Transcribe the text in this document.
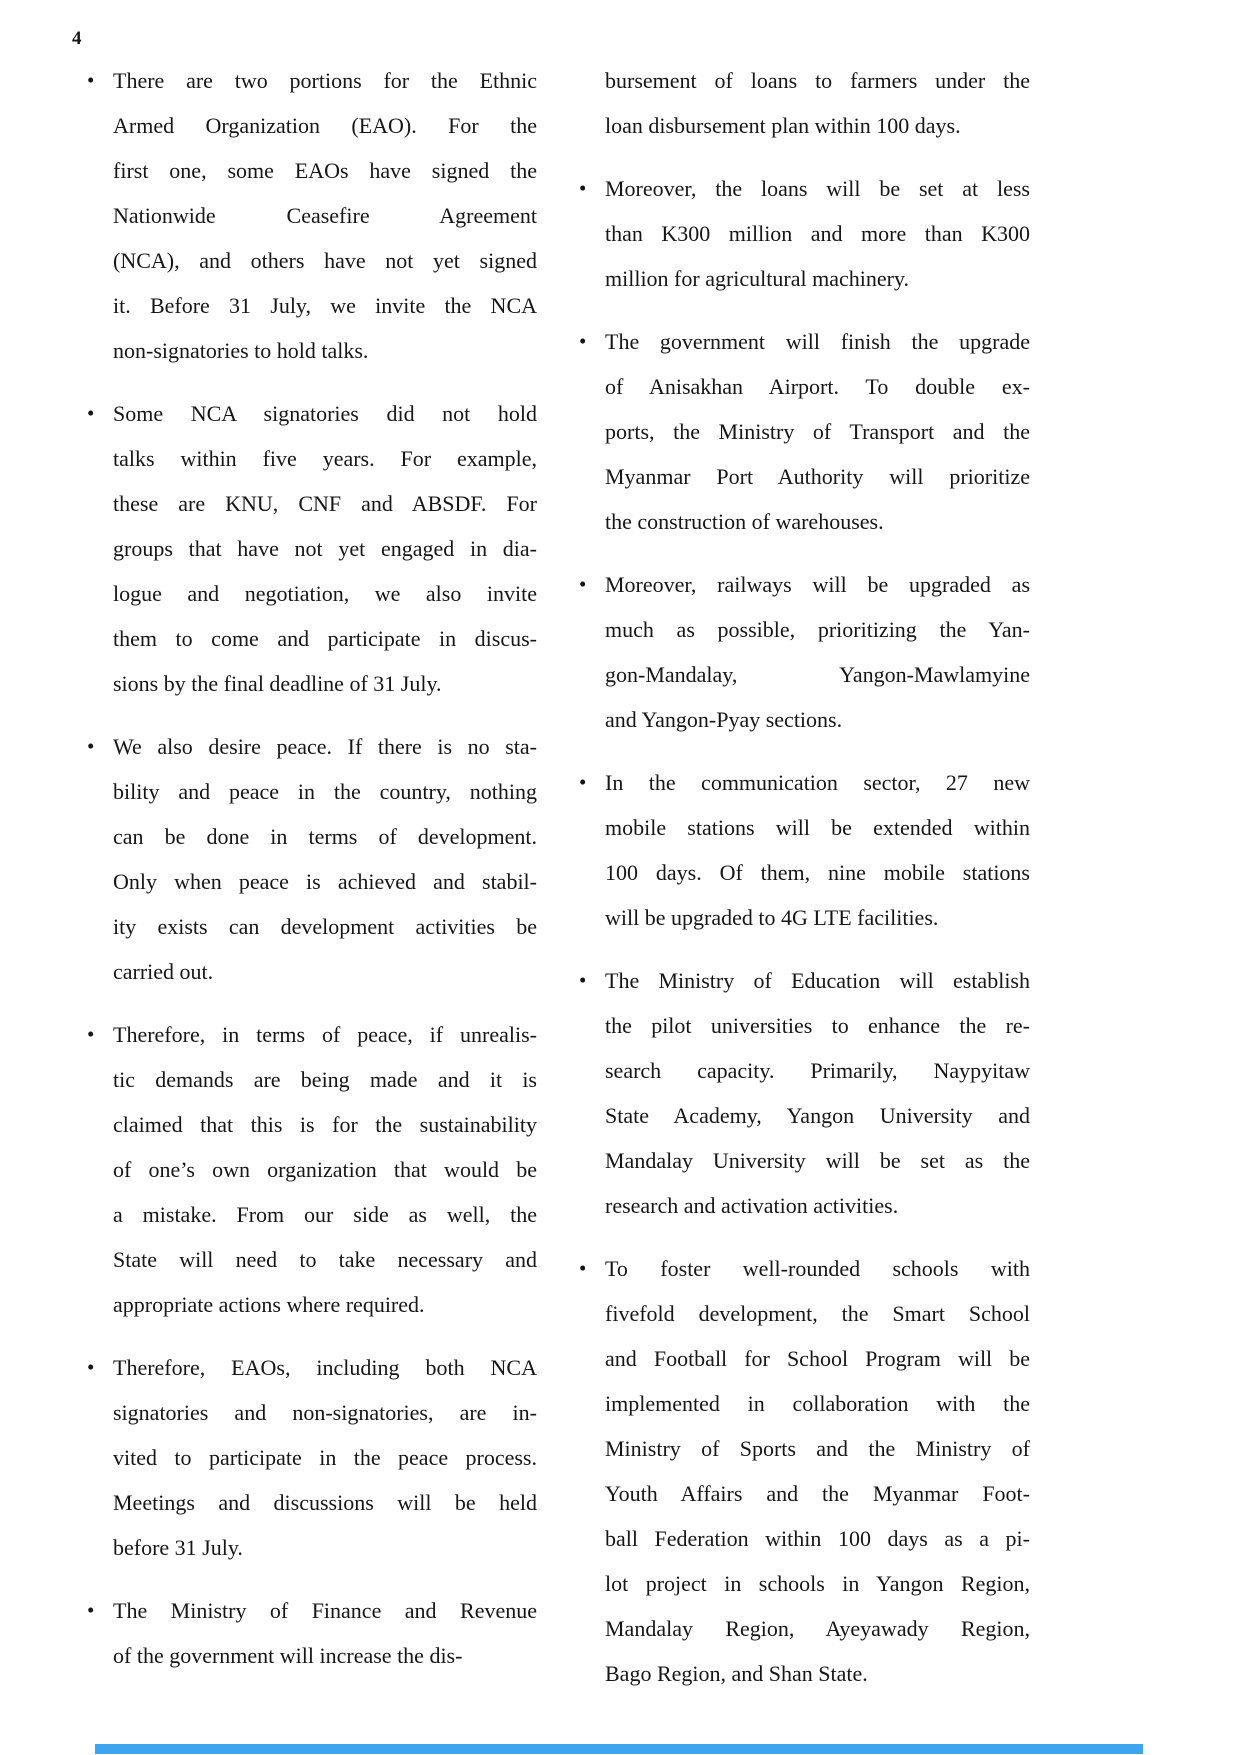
4
• There are two portions for the Ethnic
Armed Organization (EAO). For the
first one, some EAOs have signed the
Nationwide Ceasefire Agreement
(NCA), and others have not yet signed
it. Before 31 July, we invite the NCA
non-signatories to hold talks.
• Some NCA signatories did not hold
talks within five years. For example,
these are KNU, CNF and ABSDF. For
groups that have not yet engaged in dia-
logue and negotiation, we also invite
them to come and participate in discus-
sions by the final deadline of 31 July.
• We also desire peace. If there is no sta-
bility and peace in the country, nothing
can be done in terms of development.
Only when peace is achieved and stabil-
ity exists can development activities be
carried out.
• Therefore, in terms of peace, if unrealis-
tic demands are being made and it is
claimed that this is for the sustainability
of one’s own organization that would be
a mistake. From our side as well, the
State will need to take necessary and
appropriate actions where required.
• Therefore, EAOs, including both NCA
signatories and non-signatories, are in-
vited to participate in the peace process.
Meetings and discussions will be held
before 31 July.
• The Ministry of Finance and Revenue
of the government will increase the dis-
bursement of loans to farmers under the
loan disbursement plan within 100 days.
• Moreover, the loans will be set at less
than K300 million and more than K300
million for agricultural machinery.
• The government will finish the upgrade
of Anisakhan Airport. To double ex-
ports, the Ministry of Transport and the
Myanmar Port Authority will prioritize
the construction of warehouses.
• Moreover, railways will be upgraded as
much as possible, prioritizing the Yan-
gon-Mandalay, Yangon-Mawlamyine
and Yangon-Pyay sections.
• In the communication sector, 27 new
mobile stations will be extended within
100 days. Of them, nine mobile stations
will be upgraded to 4G LTE facilities.
• The Ministry of Education will establish
the pilot universities to enhance the re-
search capacity. Primarily, Naypyitaw
State Academy, Yangon University and
Mandalay University will be set as the
research and activation activities.
• To foster well-rounded schools with
fivefold development, the Smart School
and Football for School Program will be
implemented in collaboration with the
Ministry of Sports and the Ministry of
Youth Affairs and the Myanmar Foot-
ball Federation within 100 days as a pi-
lot project in schools in Yangon Region,
Mandalay Region, Ayeyawady Region,
Bago Region, and Shan State.
